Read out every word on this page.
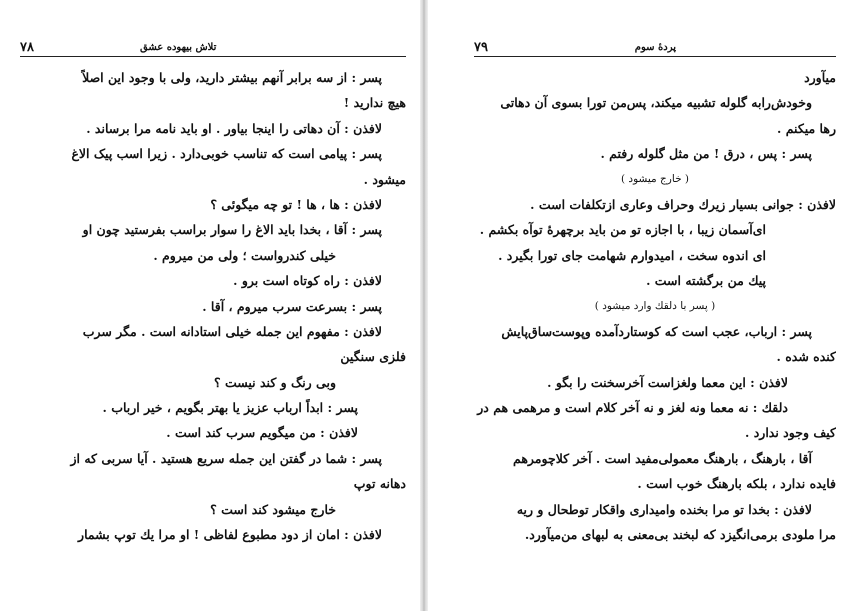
۷۸	تلاش بیهوده عشق
پسر : از سه برابر آنهم بیشتر دارید، ولی با وجود این اصلاً
هیچ ندارید !
لافذن : آن دهاتی را اینجا بیاور . او باید نامه مرا برساند .
پسر : پیامی است که تناسب خوبی‌دارد . زیرا اسب پیک الاغ
میشود .
لافذن : ها ، ها ! تو چه میگوئی ؟
پسر : آقا ، بخدا باید الاغ را سوار براسب بفرستید چون او
خیلی کندرواست ؛ ولی من میروم .
لافذن : راه کوتاه است برو .
پسر : بسرعت سرب میروم ، آقا .
لافذن : مفهوم این جمله خیلی استادانه است . مگر سرب
فلزی سنگین
وبی رنگ و کند نیست ؟
پسر : ابداً ارباب عزیز یا بهتر بگویم ، خیر ارباب .
لافذن : من میگویم سرب کند است .
پسر : شما در گفتن این جمله سریع هستید . آیا سربی که از
دهانه توپ
خارج میشود کند است ؟
لافذن : امان از دود مطبوع لفاظی ! او مرا یك توپ بشمار
۷۹	پردهٔ سوم
میآورد
وخودش‌رابه گلوله تشبیه میکند، پس‌من تورا بسوی آن دهاتی
رها میکنم .
پسر : پس ، درق ! من مثل گلوله رفتم .
( خارج میشود )
لافذن : جوانی بسیار زیرك وحراف وعاری ازتکلفات است .
ای‌آسمان زیبا ، با اجازه تو من باید برچهرهٔ توآه بکشم .
ای اندوه سخت ، امیدوارم شهامت جای تورا بگیرد .
پیك من برگشته است .
( پسر با دلقك وارد میشود )
پسر : ارباب، عجب است که کوستاردآمده وپوست‌ساق‌پایش
کنده شده .
لافذن : این معما ولغزاست آخرسخنت را بگو .
دلقك : نه معما ونه لغز و نه آخر کلام است و مرهمی هم در
کیف وجود ندارد .
آقا ، بارهنگ ، بارهنگ معمولی‌مفید است . آخر کلاچومرهم
فایده ندارد ، بلکه بارهنگ خوب است .
لافذن : بخدا تو مرا بخنده وامیداری واقکار توطحال و ریه
مرا ملودی برمی‌انگیزد که لبخند بی‌معنی به لبهای من‌میآورد.
